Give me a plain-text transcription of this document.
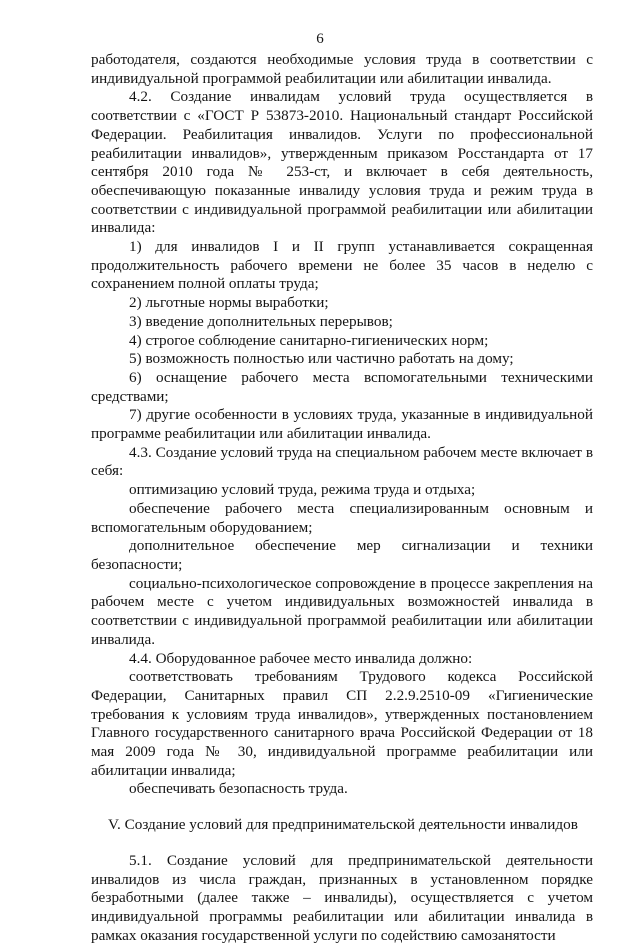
6

работодателя, создаются необходимые условия труда в соответствии с индивидуальной программой реабилитации или абилитации инвалида.

4.2. Создание инвалидам условий труда осуществляется в соответствии с «ГОСТ Р 53873-2010. Национальный стандарт Российской Федерации. Реабилитация инвалидов. Услуги по профессиональной реабилитации инвалидов», утвержденным приказом Росстандарта от 17 сентября 2010 года № 253-ст, и включает в себя деятельность, обеспечивающую показанные инвалиду условия труда и режим труда в соответствии с индивидуальной программой реабилитации или абилитации инвалида:

1) для инвалидов I и II групп устанавливается сокращенная продолжительность рабочего времени не более 35 часов в неделю с сохранением полной оплаты труда;

2) льготные нормы выработки;

3) введение дополнительных перерывов;

4) строгое соблюдение санитарно-гигиенических норм;

5) возможность полностью или частично работать на дому;

6) оснащение рабочего места вспомогательными техническими средствами;

7) другие особенности в условиях труда, указанные в индивидуальной программе реабилитации или абилитации инвалида.

4.3. Создание условий труда на специальном рабочем месте включает в себя:

оптимизацию условий труда, режима труда и отдыха;

обеспечение рабочего места специализированным основным и вспомогательным оборудованием;

дополнительное обеспечение мер сигнализации и техники безопасности;

социально-психологическое сопровождение в процессе закрепления на рабочем месте с учетом индивидуальных возможностей инвалида в соответствии с индивидуальной программой реабилитации или абилитации инвалида.

4.4. Оборудованное рабочее место инвалида должно:

соответствовать требованиям Трудового кодекса Российской Федерации, Санитарных правил СП 2.2.9.2510-09 «Гигиенические требования к условиям труда инвалидов», утвержденных постановлением Главного государственного санитарного врача Российской Федерации от 18 мая 2009 года № 30, индивидуальной программе реабилитации или абилитации инвалида;

обеспечивать безопасность труда.

V. Создание условий для предпринимательской деятельности инвалидов

5.1. Создание условий для предпринимательской деятельности инвалидов из числа граждан, признанных в установленном порядке безработными (далее также – инвалиды), осуществляется с учетом индивидуальной программы реабилитации или абилитации инвалида в рамках оказания государственной услуги по содействию самозанятости
